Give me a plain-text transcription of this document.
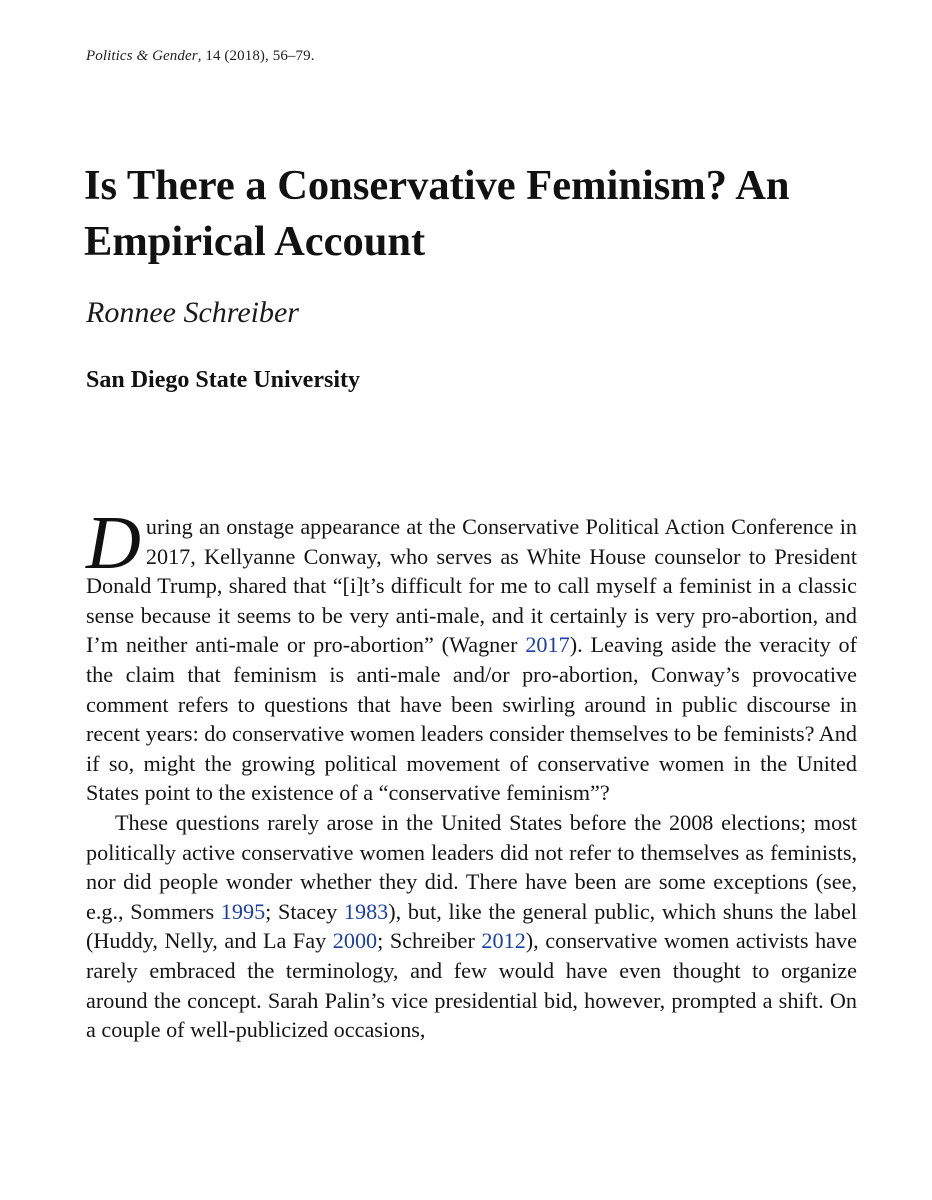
Politics & Gender, 14 (2018), 56–79.
Is There a Conservative Feminism? An Empirical Account
Ronnee Schreiber
San Diego State University

During an onstage appearance at the Conservative Political Action Conference in 2017, Kellyanne Conway, who serves as White House counselor to President Donald Trump, shared that “[i]t’s difficult for me to call myself a feminist in a classic sense because it seems to be very anti-male, and it certainly is very pro-abortion, and I’m neither anti-male or pro-abortion” (Wagner 2017). Leaving aside the veracity of the claim that feminism is anti-male and/or pro-abortion, Conway’s provocative comment refers to questions that have been swirling around in public discourse in recent years: do conservative women leaders consider themselves to be feminists? And if so, might the growing political movement of conservative women in the United States point to the existence of a “conservative feminism”?

These questions rarely arose in the United States before the 2008 elections; most politically active conservative women leaders did not refer to themselves as feminists, nor did people wonder whether they did. There have been are some exceptions (see, e.g., Sommers 1995; Stacey 1983), but, like the general public, which shuns the label (Huddy, Nelly, and La Fay 2000; Schreiber 2012), conservative women activists have rarely embraced the terminology, and few would have even thought to organize around the concept. Sarah Palin’s vice presidential bid, however, prompted a shift. On a couple of well-publicized occasions,
